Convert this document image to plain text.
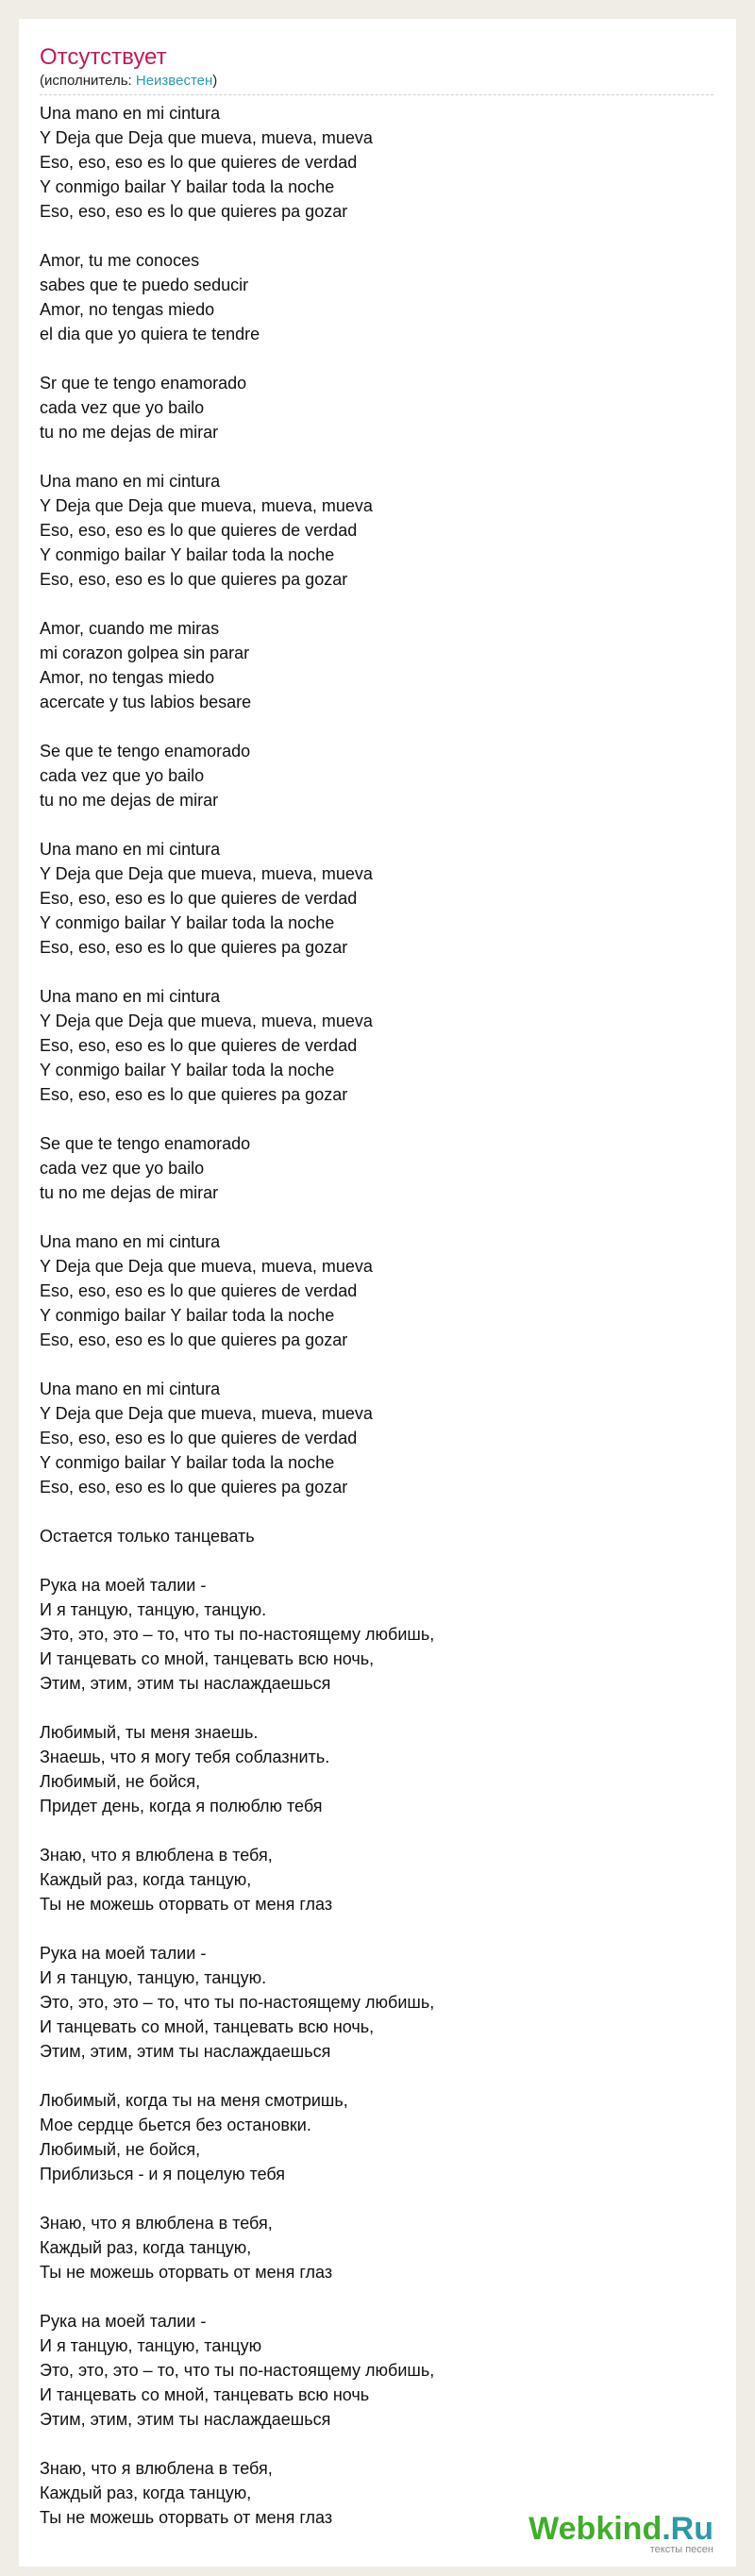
Отсутствует
(исполнитель: Неизвестен)
Una mano en mi cintura
Y Deja que Deja que mueva, mueva, mueva
Eso, eso, eso es lo que quieres de verdad
Y conmigo bailar Y bailar toda la noche
Eso, eso, eso es lo que quieres pa gozar
Amor, tu me conoces
sabes que te puedo seducir
Amor, no tengas miedo
el dia que yo quiera te tendre
Sr que te tengo enamorado
cada vez que yo bailo
tu no me dejas de mirar
Una mano en mi cintura
Y Deja que Deja que mueva, mueva, mueva
Eso, eso, eso es lo que quieres de verdad
Y conmigo bailar Y bailar toda la noche
Eso, eso, eso es lo que quieres pa gozar
Amor, cuando me miras
mi corazon golpea sin parar
Amor, no tengas miedo
acercate y tus labios besare
Se que te tengo enamorado
cada vez que yo bailo
tu no me dejas de mirar
Una mano en mi cintura
Y Deja que Deja que mueva, mueva, mueva
Eso, eso, eso es lo que quieres de verdad
Y conmigo bailar Y bailar toda la noche
Eso, eso, eso es lo que quieres pa gozar
Una mano en mi cintura
Y Deja que Deja que mueva, mueva, mueva
Eso, eso, eso es lo que quieres de verdad
Y conmigo bailar Y bailar toda la noche
Eso, eso, eso es lo que quieres pa gozar
Se que te tengo enamorado
cada vez que yo bailo
tu no me dejas de mirar
Una mano en mi cintura
Y Deja que Deja que mueva, mueva, mueva
Eso, eso, eso es lo que quieres de verdad
Y conmigo bailar Y bailar toda la noche
Eso, eso, eso es lo que quieres pa gozar
Una mano en mi cintura
Y Deja que Deja que mueva, mueva, mueva
Eso, eso, eso es lo que quieres de verdad
Y conmigo bailar Y bailar toda la noche
Eso, eso, eso es lo que quieres pa gozar
Остается только танцевать
Рука на моей талии -
И я танцую, танцую, танцую.
Это, это, это – то, что ты по-настоящему любишь,
И танцевать со мной, танцевать всю ночь,
Этим, этим, этим ты наслаждаешься
Любимый, ты меня знаешь.
Знаешь, что я могу тебя соблазнить.
Любимый, не бойся,
Придет день, когда я полюблю тебя
Знаю, что я влюблена в тебя,
Каждый раз, когда танцую,
Ты не можешь оторвать от меня глаз
Рука на моей талии -
И я танцую, танцую, танцую.
Это, это, это – то, что ты по-настоящему любишь,
И танцевать со мной, танцевать всю ночь,
Этим, этим, этим ты наслаждаешься
Любимый, когда ты на меня смотришь,
Мое сердце бьется без остановки.
Любимый, не бойся,
Приблизься - и я поцелую тебя
Знаю, что я влюблена в тебя,
Каждый раз, когда танцую,
Ты не можешь оторвать от меня глаз
Рука на моей талии -
И я танцую, танцую, танцую
Это, это, это – то, что ты по-настоящему любишь,
И танцевать со мной, танцевать всю ночь
Этим, этим, этим ты наслаждаешься
Знаю, что я влюблена в тебя,
Каждый раз, когда танцую,
Ты не можешь оторвать от меня глаз	Webkind.Ru
тексты песен
